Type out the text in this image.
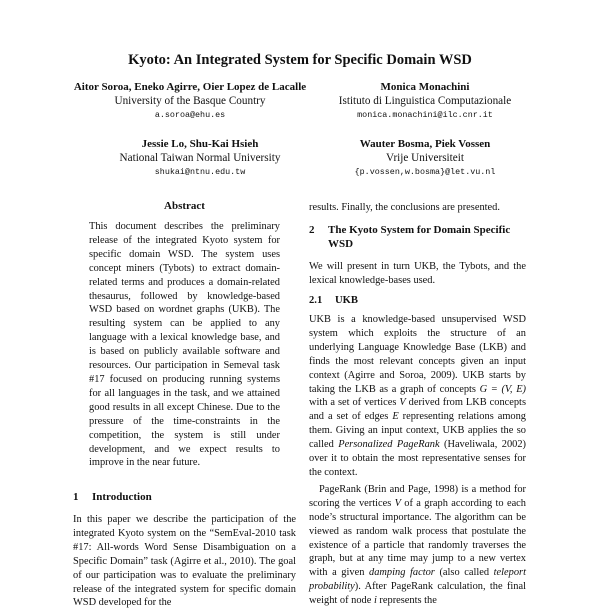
Kyoto: An Integrated System for Specific Domain WSD
Aitor Soroa, Eneko Agirre, Oier Lopez de Lacalle
University of the Basque Country
a.soroa@ehu.es
Monica Monachini
Istituto di Linguistica Computazionale
monica.monachini@ilc.cnr.it
Jessie Lo, Shu-Kai Hsieh
National Taiwan Normal University
shukai@ntnu.edu.tw
Wauter Bosma, Piek Vossen
Vrije Universiteit
{p.vossen,w.bosma}@let.vu.nl
Abstract

This document describes the preliminary release of the integrated Kyoto system for specific domain WSD. The system uses concept miners (Tybots) to extract domain-related terms and produces a domain-related thesaurus, followed by knowledge-based WSD based on wordnet graphs (UKB). The resulting system can be applied to any language with a lexical knowledge base, and is based on publicly available software and resources. Our participation in Semeval task #17 focused on producing running systems for all languages in the task, and we attained good results in all except Chinese. Due to the pressure of the time-constraints in the competition, the system is still under development, and we expect results to improve in the near future.

1 Introduction

In this paper we describe the participation of the integrated Kyoto system on the “SemEval-2010 task #17: All-words Word Sense Disambiguation on a Specific Domain” task (Agirre et al., 2010). The goal of our participation was to evaluate the preliminary release of the integrated system for specific domain WSD developed for the

results. Finally, the conclusions are presented.

2	The Kyoto System for Domain Specific WSD

We will present in turn UKB, the Tybots, and the lexical knowledge-bases used.

2.1 UKB

UKB is a knowledge-based unsupervised WSD system which exploits the structure of an underlying Language Knowledge Base (LKB) and finds the most relevant concepts given an input context (Agirre and Soroa, 2009). UKB starts by taking the LKB as a graph of concepts G = (V, E) with a set of vertices V derived from LKB concepts and a set of edges E representing relations among them. Giving an input context, UKB applies the so called Personalized PageRank (Haveliwala, 2002) over it to obtain the most representative senses for the context.

PageRank (Brin and Page, 1998) is a method for scoring the vertices V of a graph according to each node’s structural importance. The algorithm can be viewed as random walk process that postulate the existence of a particle that randomly traverses the graph, but at any time may jump to a new vertex with a given damping factor (also called teleport probability). After PageRank calculation, the final weight of node i represents the
